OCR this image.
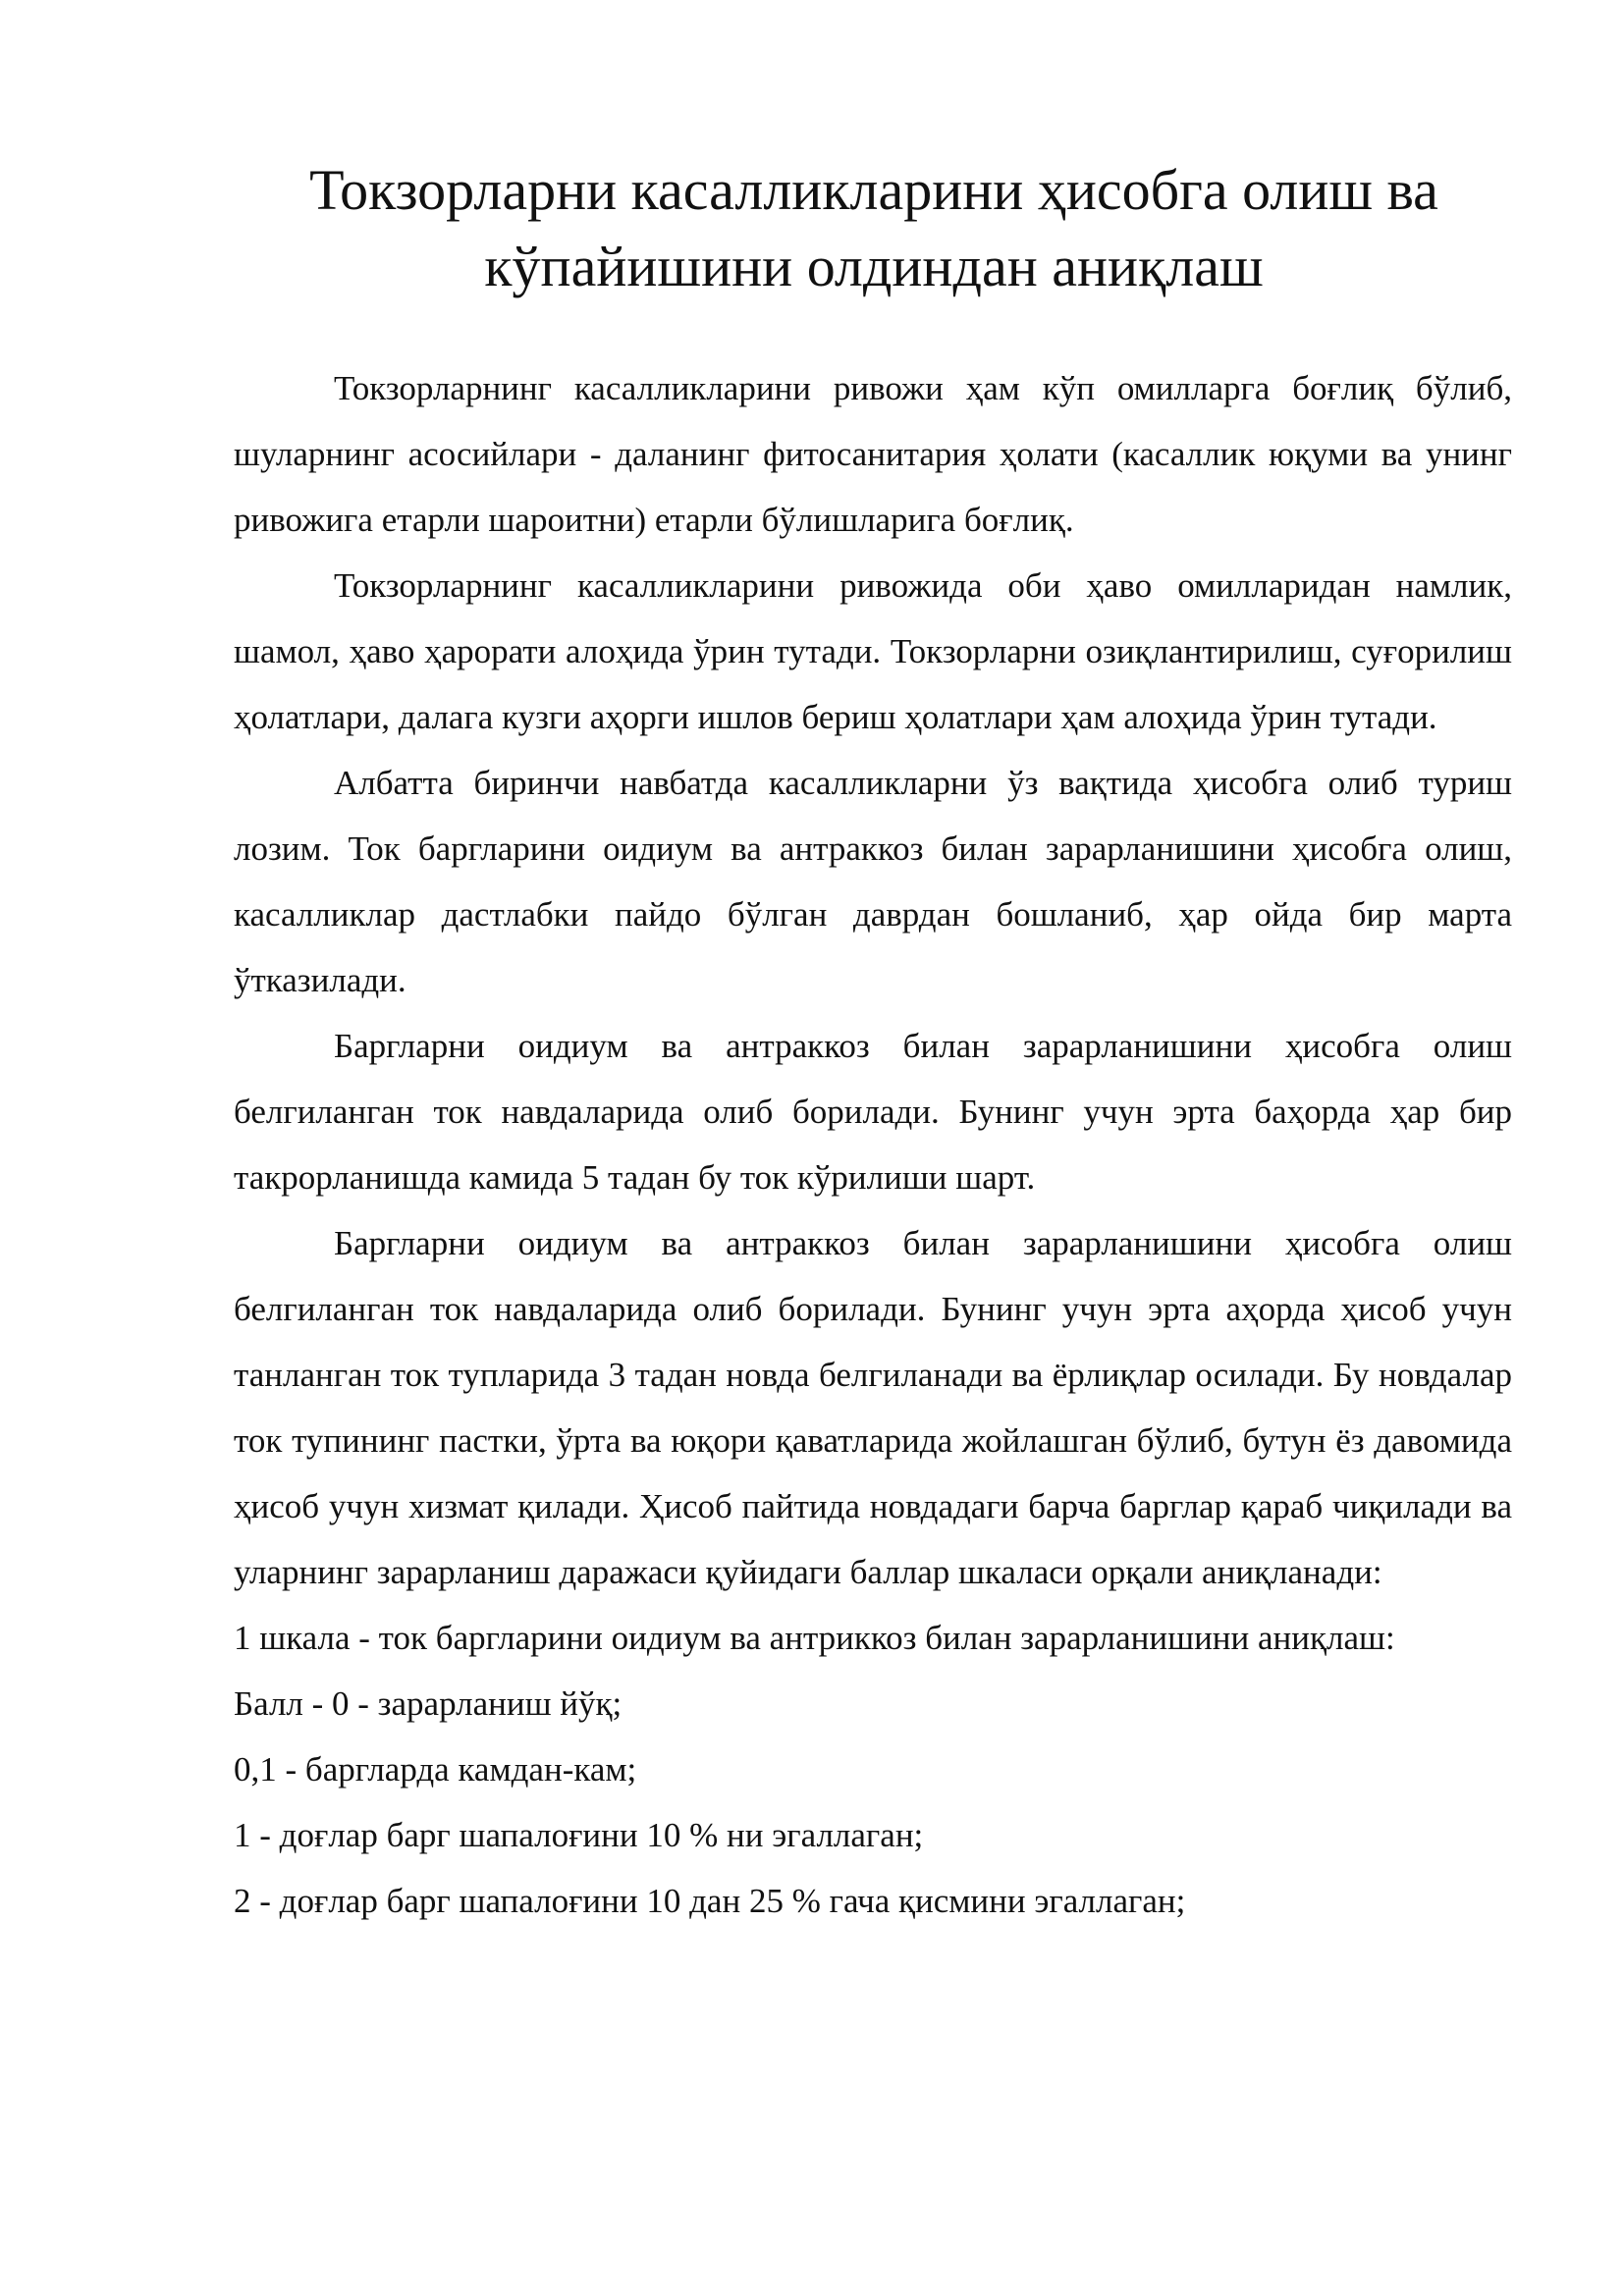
Токзорларни касалликларини ҳисобга олиш ва
кўпайишини олдиндан аниқлаш

Токзорларнинг касалликларини ривожи ҳам кўп омилларга боғлиқ бўлиб, шуларнинг асосийлари - даланинг фитосанитария ҳолати (касаллик юқуми ва унинг ривожига етарли шароитни) етарли бўлишларига боғлиқ.

Токзорларнинг касалликларини ривожида оби ҳаво омилларидан намлик, шамол, ҳаво ҳарорати алоҳида ўрин тутади. Токзорларни озиқлантирилиш, суғорилиш ҳолатлари, далага кузги аҳорги ишлов бериш ҳолатлари ҳам алоҳида ўрин тутади.

Албатта биринчи навбатда касалликларни ўз вақтида ҳисобга олиб туриш лозим. Ток баргларини оидиум ва антраккоз билан зарарланишини ҳисобга олиш, касалликлар дастлабки пайдо бўлган даврдан бошланиб, ҳар ойда бир марта ўтказилади.

Баргларни оидиум ва антраккоз билан зарарланишини ҳисобга олиш белгиланган ток навдаларида олиб борилади. Бунинг учун эрта баҳорда ҳар бир такрорланишда камида 5 тадан бу ток кўрилиши шарт.

Баргларни оидиум ва антраккоз билан зарарланишини ҳисобга олиш белгиланган ток навдаларида олиб борилади. Бунинг учун эрта аҳорда ҳисоб учун танланган ток тупларида 3 тадан новда белгиланади ва ёрлиқлар осилади. Бу новдалар ток тупининг пастки, ўрта ва юқори қаватларида жойлашган бўлиб, бутун ёз давомида ҳисоб учун хизмат қилади. Ҳисоб пайтида новдадаги барча барглар қараб чиқилади ва уларнинг зарарланиш даражаси қуйидаги баллар шкаласи орқали аниқланади:

1 шкала - ток баргларини оидиум ва антриккоз билан зарарланишини аниқлаш:

Балл - 0 - зарарланиш йўқ;

0,1 - баргларда камдан-кам;

1 - доғлар барг шапалоғини 10 % ни эгаллаган;

2 - доғлар барг шапалоғини 10 дан 25 % гача қисмини эгаллаган;
